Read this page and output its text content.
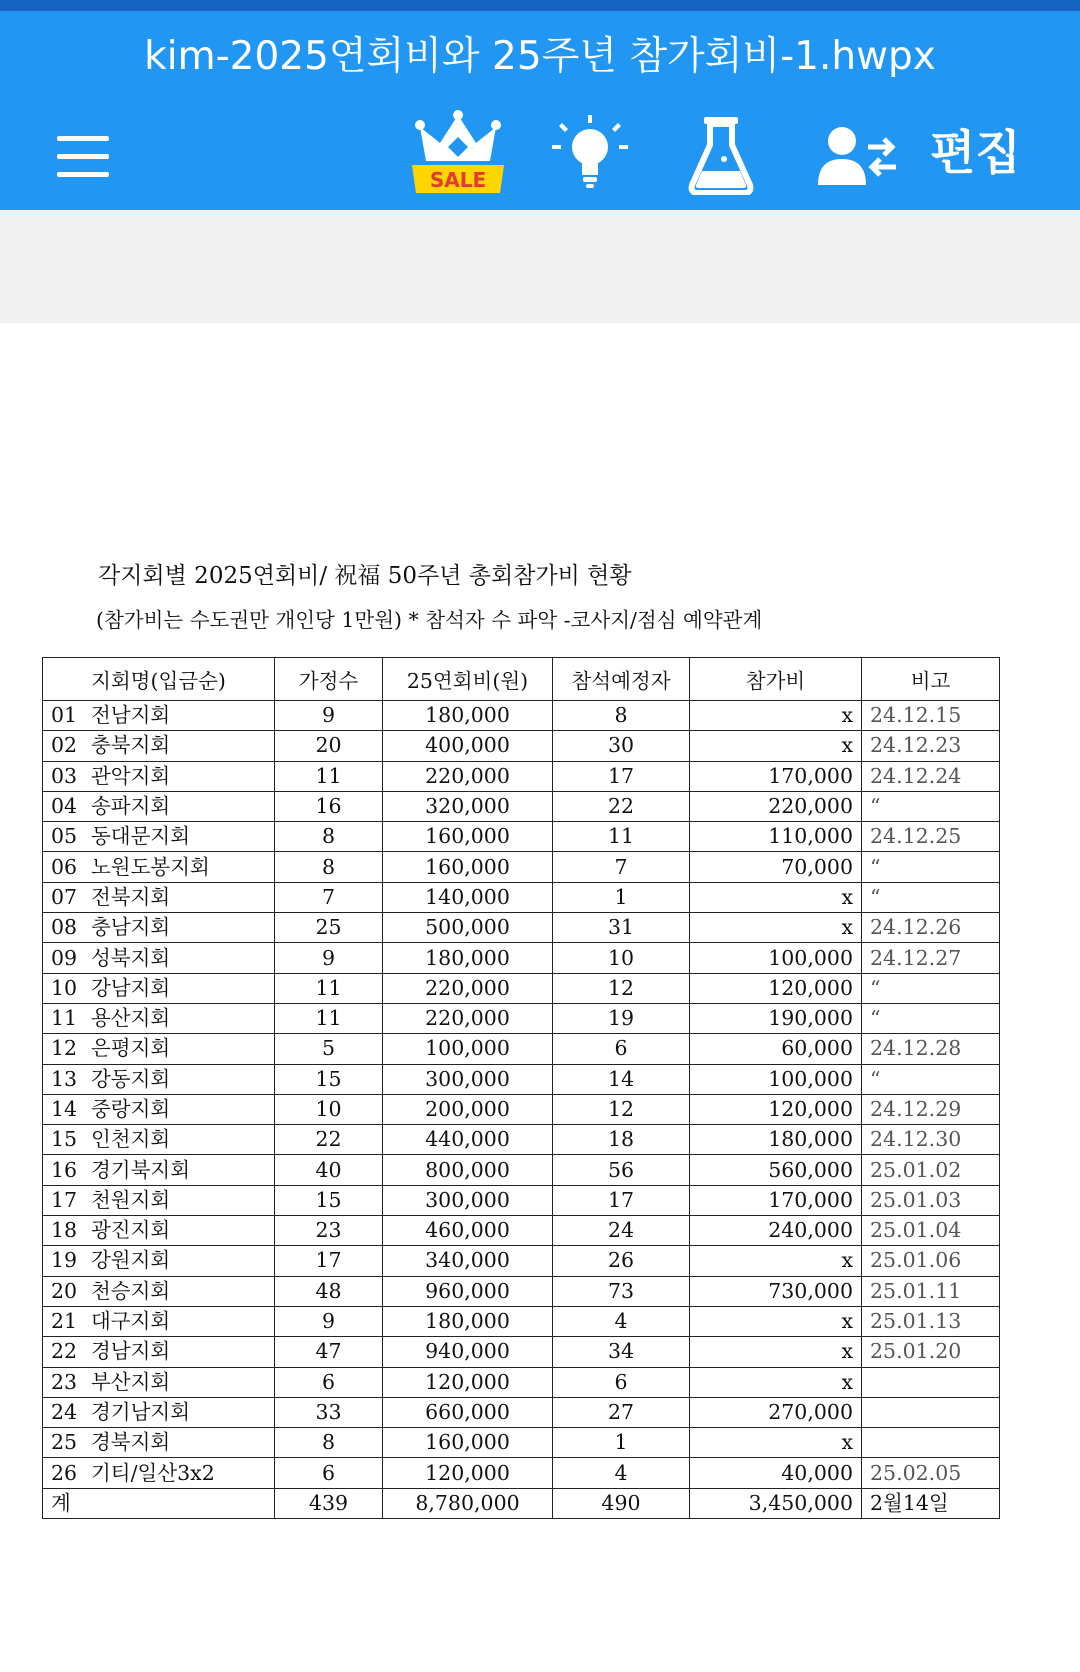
kim-2025연회비와 25주년 참가회비-1.hwpx
SALE	편집
각지회별 2025연회비/ 祝福 50주년 총회참가비 현황
(참가비는 수도권만 개인당 1만원) * 참석자 수 파악 -코사지/점심 예약관계
지회명(입금순)	가정수	25연회비(원)	참석예정자	참가비	비고
01 전남지회	9	180,000	8	x	24.12.15
02 충북지회	20	400,000	30	x	24.12.23
03 관악지회	11	220,000	17	170,000	24.12.24
04 송파지회	16	320,000	22	220,000	“
05 동대문지회	8	160,000	11	110,000	24.12.25
06 노원도봉지회	8	160,000	7	70,000	“
07 전북지회	7	140,000	1	x	“
08 충남지회	25	500,000	31	x	24.12.26
09 성북지회	9	180,000	10	100,000	24.12.27
10 강남지회	11	220,000	12	120,000	“
11 용산지회	11	220,000	19	190,000	“
12 은평지회	5	100,000	6	60,000	24.12.28
13 강동지회	15	300,000	14	100,000	“
14 중랑지회	10	200,000	12	120,000	24.12.29
15 인천지회	22	440,000	18	180,000	24.12.30
16 경기북지회	40	800,000	56	560,000	25.01.02
17 천원지회	15	300,000	17	170,000	25.01.03
18 광진지회	23	460,000	24	240,000	25.01.04
19 강원지회	17	340,000	26	x	25.01.06
20 천승지회	48	960,000	73	730,000	25.01.11
21 대구지회	9	180,000	4	x	25.01.13
22 경남지회	47	940,000	34	x	25.01.20
23 부산지회	6	120,000	6	x	
24 경기남지회	33	660,000	27	270,000	
25 경북지회	8	160,000	1	x	
26 기티/일산3x2	6	120,000	4	40,000	25.02.05
계	439	8,780,000	490	3,450,000	2월14일
